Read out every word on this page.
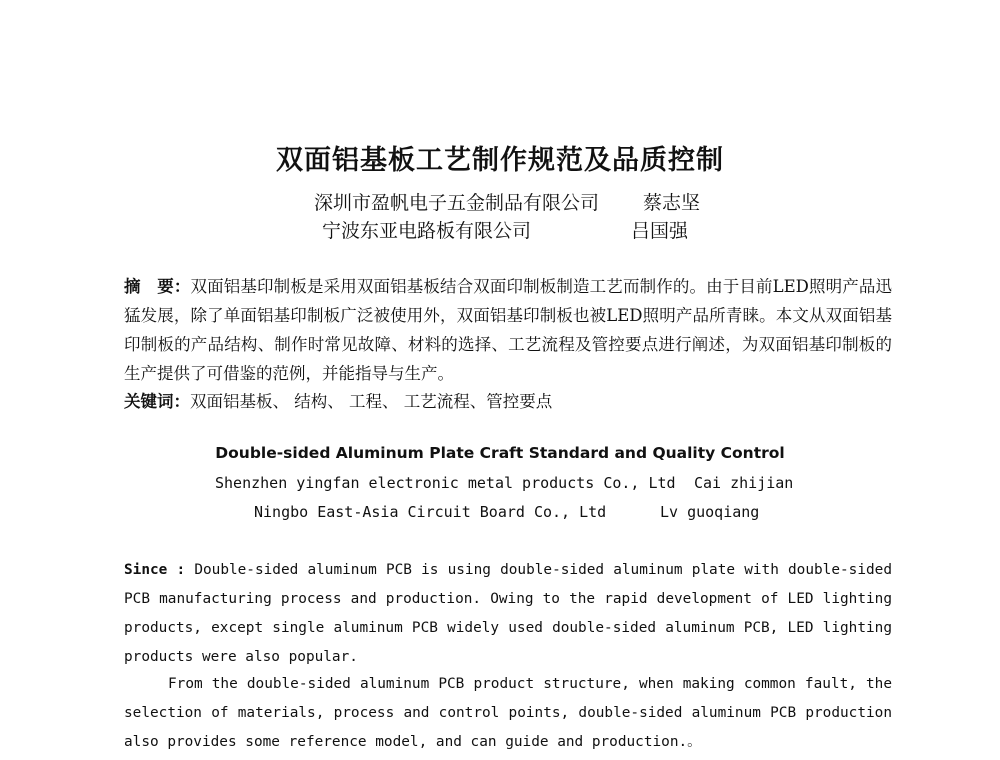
双面铝基板工艺制作规范及品质控制
深圳市盈帆电子五金制品有限公司 蔡志坚
宁波东亚电路板有限公司	吕国强

摘　要：双面铝基印制板是采用双面铝基板结合双面印制板制造工艺而制作的。由于目前LED照明产品迅猛发展，除了单面铝基印制板广泛被使用外，双面铝基印制板也被LED照明产品所青睐。本文从双面铝基印制板的产品结构、制作时常见故障、材料的选择、工艺流程及管控要点进行阐述，为双面铝基印制板的生产提供了可借鉴的范例，并能指导与生产。

关键词：双面铝基板、 结构、 工程、 工艺流程、管控要点
Double-sided Aluminum Plate Craft Standard and Quality Control
Shenzhen yingfan electronic metal products Co., Ltd Cai zhijian
Ningbo East-Asia Circuit Board Co., Ltd	Lv guoqiang

Since : Double-sided aluminum PCB is using double-sided aluminum plate with double-sided PCB manufacturing process and production. Owing to the rapid development of LED lighting products, except single aluminum PCB widely used double-sided aluminum PCB, LED lighting products were also popular.

From the double-sided aluminum PCB product structure, when making common fault, the selection of materials, process and control points, double-sided aluminum PCB production also provides some reference model, and can guide and production.。
